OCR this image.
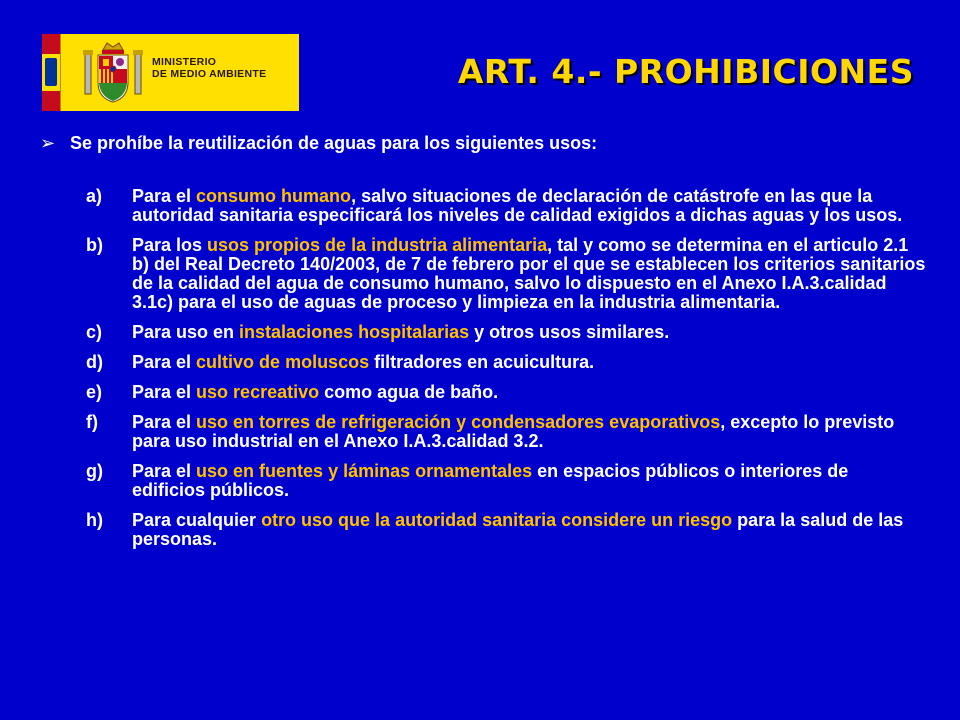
MINISTERIO
DE MEDIO AMBIENTE	ART. 4.- PROHIBICIONES
➢ Se prohíbe la reutilización de aguas para los siguientes usos:
a) Para el consumo humano, salvo situaciones de declaración de catástrofe en las que la autoridad sanitaria especificará los niveles de calidad exigidos a dichas aguas y los usos.
b) Para los usos propios de la industria alimentaria, tal y como se determina en el articulo 2.1 b) del Real Decreto 140/2003, de 7 de febrero por el que se establecen los criterios sanitarios de la calidad del agua de consumo humano, salvo lo dispuesto en el Anexo I.A.3.calidad 3.1c) para el uso de aguas de proceso y limpieza en la industria alimentaria.
c) Para uso en instalaciones hospitalarias y otros usos similares.
d) Para el cultivo de moluscos filtradores en acuicultura.
e) Para el uso recreativo como agua de baño.
f) Para el uso en torres de refrigeración y condensadores evaporativos, excepto lo previsto para uso industrial en el Anexo I.A.3.calidad 3.2.
g) Para el uso en fuentes y láminas ornamentales en espacios públicos o interiores de edificios públicos.
h) Para cualquier otro uso que la autoridad sanitaria considere un riesgo para la salud de las personas.
